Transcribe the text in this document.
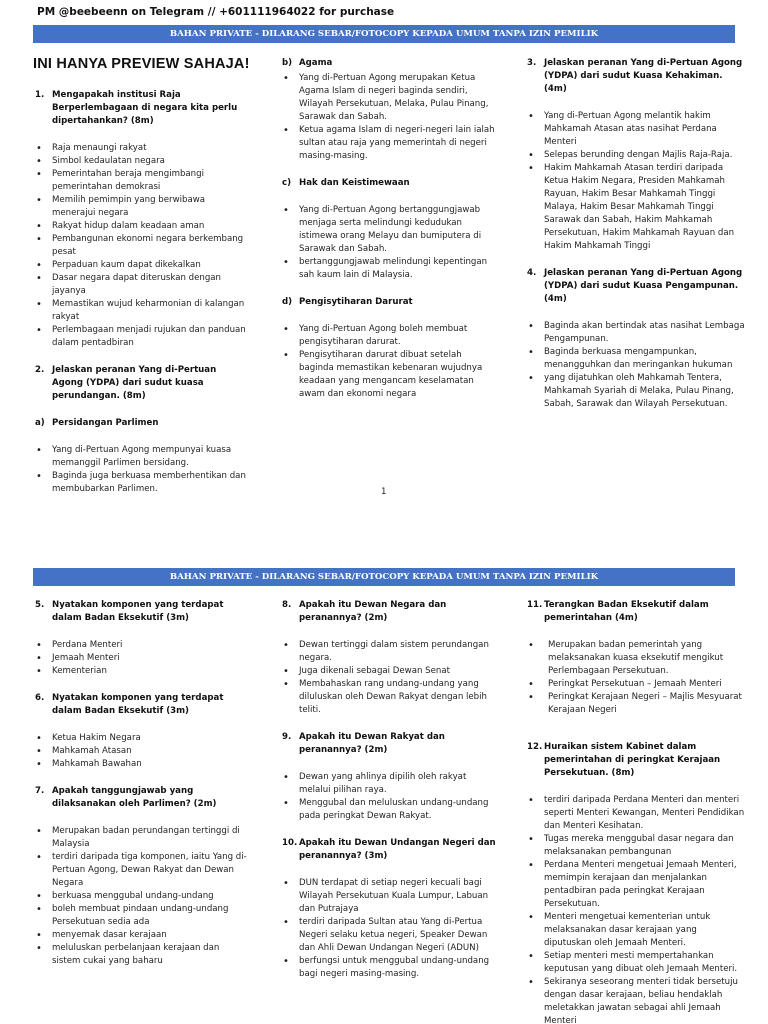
PM @beebeenn on Telegram // +601111964022 for purchase
BAHAN PRIVATE - DILARANG SEBAR/FOTOCOPY KEPADA UMUM TANPA IZIN PEMILIK
INI HANYA PREVIEW SAHAJA!
1. Mengapakah institusi Raja Berperlembagaan di negara kita perlu dipertahankan? (8m)
• Raja menaungi rakyat
• Simbol kedaulatan negara
• Pemerintahan beraja mengimbangi pemerintahan demokrasi
• Memilih pemimpin yang berwibawa menerajui negara
• Rakyat hidup dalam keadaan aman
• Pembangunan ekonomi negara berkembang pesat
• Perpaduan kaum dapat dikekalkan
• Dasar negara dapat diteruskan dengan jayanya
• Memastikan wujud keharmonian di kalangan rakyat
• Perlembagaan menjadi rujukan dan panduan dalam pentadbiran
2. Jelaskan peranan Yang di-Pertuan Agong (YDPA) dari sudut kuasa perundangan. (8m)
a) Persidangan Parlimen
• Yang di-Pertuan Agong mempunyai kuasa memanggil Parlimen bersidang.
• Baginda juga berkuasa memberhentikan dan membubarkan Parlimen.
b) Agama
• Yang di-Pertuan Agong merupakan Ketua Agama Islam di negeri baginda sendiri, Wilayah Persekutuan, Melaka, Pulau Pinang, Sarawak dan Sabah.
• Ketua agama Islam di negeri-negeri lain ialah sultan atau raja yang memerintah di negeri masing-masing.
c) Hak dan Keistimewaan
• Yang di-Pertuan Agong bertanggungjawab menjaga serta melindungi kedudukan istimewa orang Melayu dan bumiputera di Sarawak dan Sabah.
• bertanggungjawab melindungi kepentingan sah kaum lain di Malaysia.
d) Pengisytiharan Darurat
• Yang di-Pertuan Agong boleh membuat pengisytiharan darurat.
• Pengisytiharan darurat dibuat setelah baginda memastikan kebenaran wujudnya keadaan yang mengancam keselamatan awam dan ekonomi negara
3. Jelaskan peranan Yang di-Pertuan Agong (YDPA) dari sudut Kuasa Kehakiman. (4m)
• Yang di-Pertuan Agong melantik hakim Mahkamah Atasan atas nasihat Perdana Menteri
• Selepas berunding dengan Majlis Raja-Raja.
• Hakim Mahkamah Atasan terdiri daripada Ketua Hakim Negara, Presiden Mahkamah Rayuan, Hakim Besar Mahkamah Tinggi Malaya, Hakim Besar Mahkamah Tinggi Sarawak dan Sabah, Hakim Mahkamah Persekutuan, Hakim Mahkamah Rayuan dan Hakim Mahkamah Tinggi
4. Jelaskan peranan Yang di-Pertuan Agong (YDPA) dari sudut Kuasa Pengampunan. (4m)
• Baginda akan bertindak atas nasihat Lembaga Pengampunan.
• Baginda berkuasa mengampunkan, menangguhkan dan meringankan hukuman
• yang dijatuhkan oleh Mahkamah Tentera, Mahkamah Syariah di Melaka, Pulau Pinang, Sabah, Sarawak dan Wilayah Persekutuan.
1
BAHAN PRIVATE - DILARANG SEBAR/FOTOCOPY KEPADA UMUM TANPA IZIN PEMILIK
5. Nyatakan komponen yang terdapat dalam Badan Eksekutif (3m)
• Perdana Menteri
• Jemaah Menteri
• Kementerian
6. Nyatakan komponen yang terdapat dalam Badan Eksekutif (3m)
• Ketua Hakim Negara
• Mahkamah Atasan
• Mahkamah Bawahan
7. Apakah tanggungjawab yang dilaksanakan oleh Parlimen? (2m)
• Merupakan badan perundangan tertinggi di Malaysia
• terdiri daripada tiga komponen, iaitu Yang di-Pertuan Agong, Dewan Rakyat dan Dewan Negara
• berkuasa menggubal undang-undang
• boleh membuat pindaan undang-undang Persekutuan sedia ada
• menyemak dasar kerajaan
• meluluskan perbelanjaan kerajaan dan sistem cukai yang baharu
8. Apakah itu Dewan Negara dan peranannya? (2m)
• Dewan tertinggi dalam sistem perundangan negara.
• Juga dikenali sebagai Dewan Senat
• Membahaskan rang undang-undang yang diluluskan oleh Dewan Rakyat dengan lebih teliti.
9. Apakah itu Dewan Rakyat dan peranannya? (2m)
• Dewan yang ahlinya dipilih oleh rakyat melalui pilihan raya.
• Menggubal dan meluluskan undang-undang pada peringkat Dewan Rakyat.
10. Apakah itu Dewan Undangan Negeri dan peranannya? (3m)
• DUN terdapat di setiap negeri kecuali bagi Wilayah Persekutuan Kuala Lumpur, Labuan dan Putrajaya
• terdiri daripada Sultan atau Yang di-Pertua Negeri selaku ketua negeri, Speaker Dewan dan Ahli Dewan Undangan Negeri (ADUN)
• berfungsi untuk menggubal undang-undang bagi negeri masing-masing.
11. Terangkan Badan Eksekutif dalam pemerintahan (4m)
• Merupakan badan pemerintah yang melaksanakan kuasa eksekutif mengikut Perlembagaan Persekutuan.
• Peringkat Persekutuan – Jemaah Menteri
• Peringkat Kerajaan Negeri – Majlis Mesyuarat Kerajaan Negeri
12. Huraikan sistem Kabinet dalam pemerintahan di peringkat Kerajaan Persekutuan. (8m)
• terdiri daripada Perdana Menteri dan menteri seperti Menteri Kewangan, Menteri Pendidikan dan Menteri Kesihatan.
• Tugas mereka menggubal dasar negara dan melaksanakan pembangunan
• Perdana Menteri mengetuai Jemaah Menteri, memimpin kerajaan dan menjalankan pentadbiran pada peringkat Kerajaan Persekutuan.
• Menteri mengetuai kementerian untuk melaksanakan dasar kerajaan yang diputuskan oleh Jemaah Menteri.
• Setiap menteri mesti mempertahankan keputusan yang dibuat oleh Jemaah Menteri.
• Sekiranya seseorang menteri tidak bersetuju dengan dasar kerajaan, beliau hendaklah meletakkan jawatan sebagai ahli Jemaah Menteri
